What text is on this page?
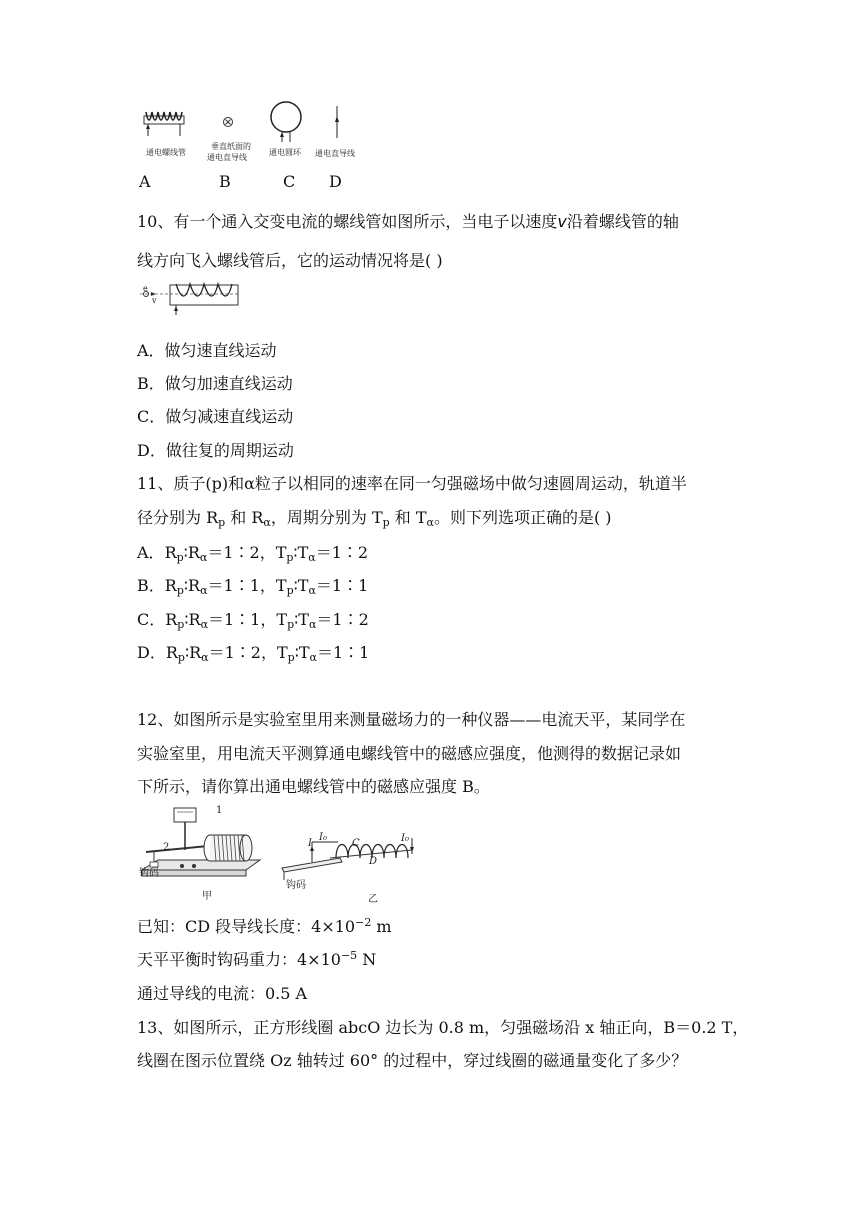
通电螺线管
垂直纸面的
通电直导线
通电圆环 通电直导线
A	B	C D
10、有一个通入交变电流的螺线管如图所示，当电子以速度v沿着螺线管的轴
线方向飞入螺线管后，它的运动情况将是( )
e
v
A．做匀速直线运动
B．做匀加速直线运动
C．做匀减速直线运动
D．做往复的周期运动
11、质子(p)和α粒子以相同的速率在同一匀强磁场中做匀速圆周运动，轨道半
径分别为 $R_p$ 和 $R_\alpha$，周期分别为 $T_p$ 和 $T_\alpha$。则下列选项正确的是( )
A．$R_p∶R_\alpha=1∶2$，$T_p∶T_\alpha=1∶2$
B．$R_p∶R_\alpha=1∶1$，$T_p∶T_\alpha=1∶1$
C．$R_p∶R_\alpha=1∶1$，$T_p∶T_\alpha=1∶2$
D．$R_p∶R_\alpha=1∶2$，$T_p∶T_\alpha=1∶1$
12、如图所示是实验室里用来测量磁场力的一种仪器——电流天平，某同学在
实验室里，用电流天平测算通电螺线管中的磁感应强度，他测得的数据记录如
下所示，请你算出通电螺线管中的磁感应强度 B。
1
2
钩码
甲
I
I₀
C
D
I₀
钩码
乙
已知：CD 段导线长度：$4\times 10^{-2}$ m
天平平衡时钩码重力：$4\times 10^{-5}$ N
通过导线的电流：0.5 A
13、如图所示，正方形线圈 abcO 边长为 0.8 m，匀强磁场沿 x 轴正向，B＝0.2 T，
线圈在图示位置绕 Oz 轴转过 60° 的过程中，穿过线圈的磁通量变化了多少？
